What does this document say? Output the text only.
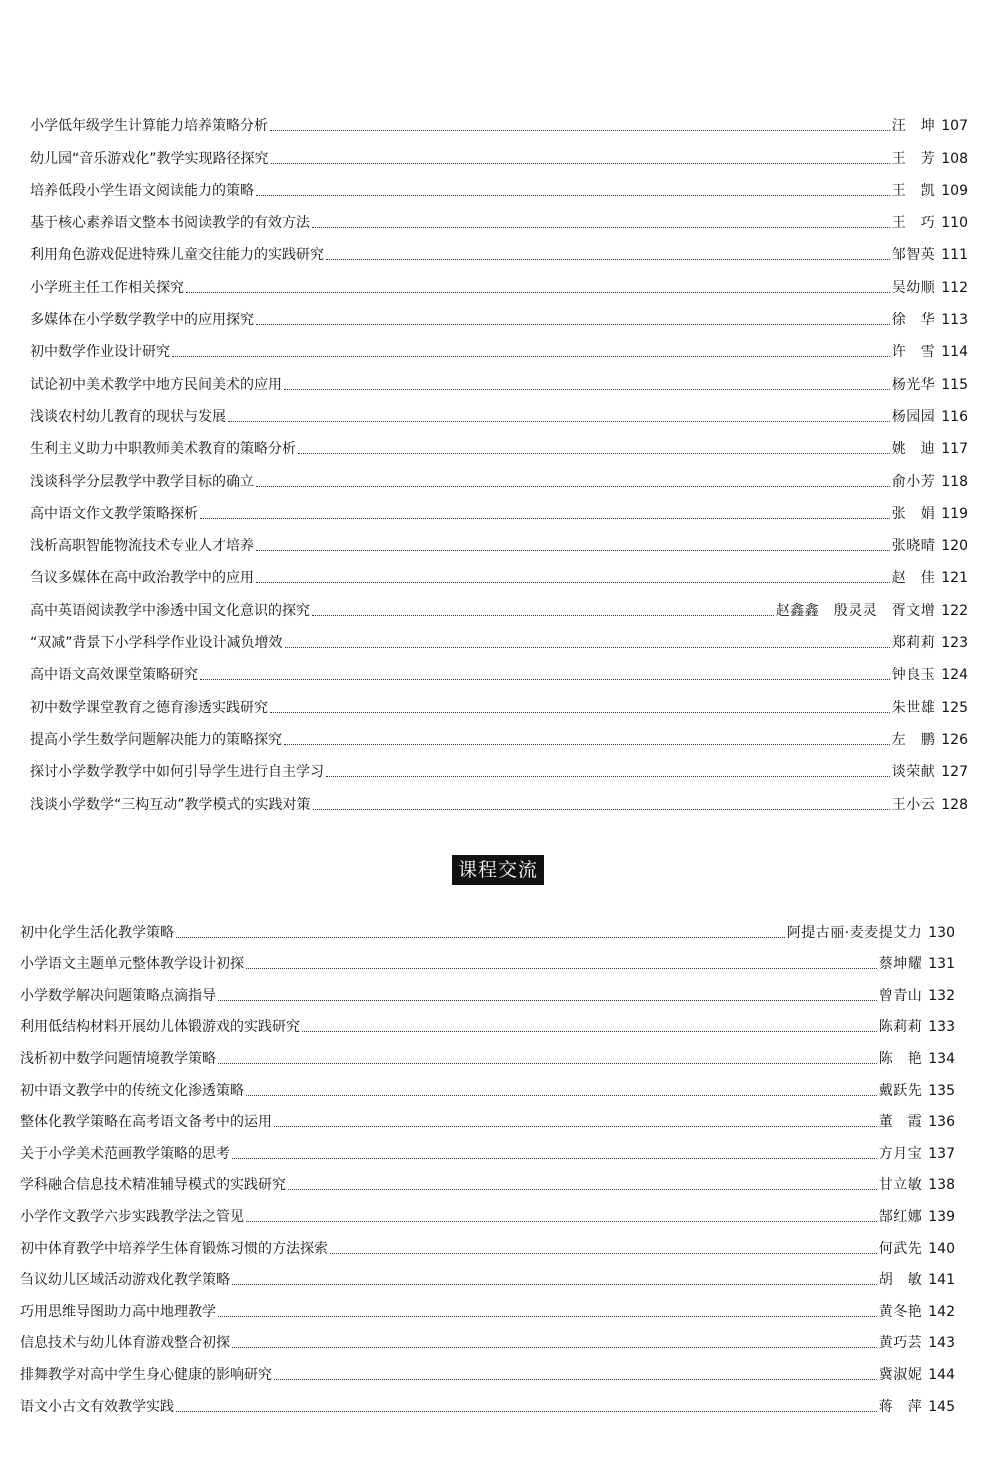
小学低年级学生计算能力培养策略分析	汪　坤 107
幼儿园“音乐游戏化”教学实现路径探究	王　芳 108
培养低段小学生语文阅读能力的策略	王　凯 109
基于核心素养语文整本书阅读教学的有效方法	王　巧 110
利用角色游戏促进特殊儿童交往能力的实践研究	邹智英 111
小学班主任工作相关探究	吴幼顺 112
多媒体在小学数学教学中的应用探究	徐　华 113
初中数学作业设计研究	许　雪 114
试论初中美术教学中地方民间美术的应用	杨光华 115
浅谈农村幼儿教育的现状与发展	杨园园 116
生利主义助力中职教师美术教育的策略分析	姚　迪 117
浅谈科学分层教学中教学目标的确立	俞小芳 118
高中语文作文教学策略探析	张　娟 119
浅析高职智能物流技术专业人才培养	张晓晴 120
刍议多媒体在高中政治教学中的应用	赵　佳 121
高中英语阅读教学中渗透中国文化意识的探究	赵鑫鑫　殷灵灵　胥文增 122
“双减”背景下小学科学作业设计减负增效	郑莉莉 123
高中语文高效课堂策略研究	钟良玉 124
初中数学课堂教育之德育渗透实践研究	朱世雄 125
提高小学生数学问题解决能力的策略探究	左　鹏 126
探讨小学数学教学中如何引导学生进行自主学习	谈荣献 127
浅谈小学数学“三构互动”教学模式的实践对策	王小云 128
课程交流
初中化学生活化教学策略	阿提古丽·麦麦提艾力 130
小学语文主题单元整体教学设计初探	蔡坤耀 131
小学数学解决问题策略点滴指导	曾青山 132
利用低结构材料开展幼儿体锻游戏的实践研究	陈莉莉 133
浅析初中数学问题情境教学策略	陈　艳 134
初中语文教学中的传统文化渗透策略	戴跃先 135
整体化教学策略在高考语文备考中的运用	董　霞 136
关于小学美术范画教学策略的思考	方月宝 137
学科融合信息技术精准辅导模式的实践研究	甘立敏 138
小学作文教学六步实践教学法之管见	郜红娜 139
初中体育教学中培养学生体育锻炼习惯的方法探索	何武先 140
刍议幼儿区域活动游戏化教学策略	胡　敏 141
巧用思维导图助力高中地理教学	黄冬艳 142
信息技术与幼儿体育游戏整合初探	黄巧芸 143
排舞教学对高中学生身心健康的影响研究	冀淑妮 144
语文小古文有效教学实践	蒋　萍 145
